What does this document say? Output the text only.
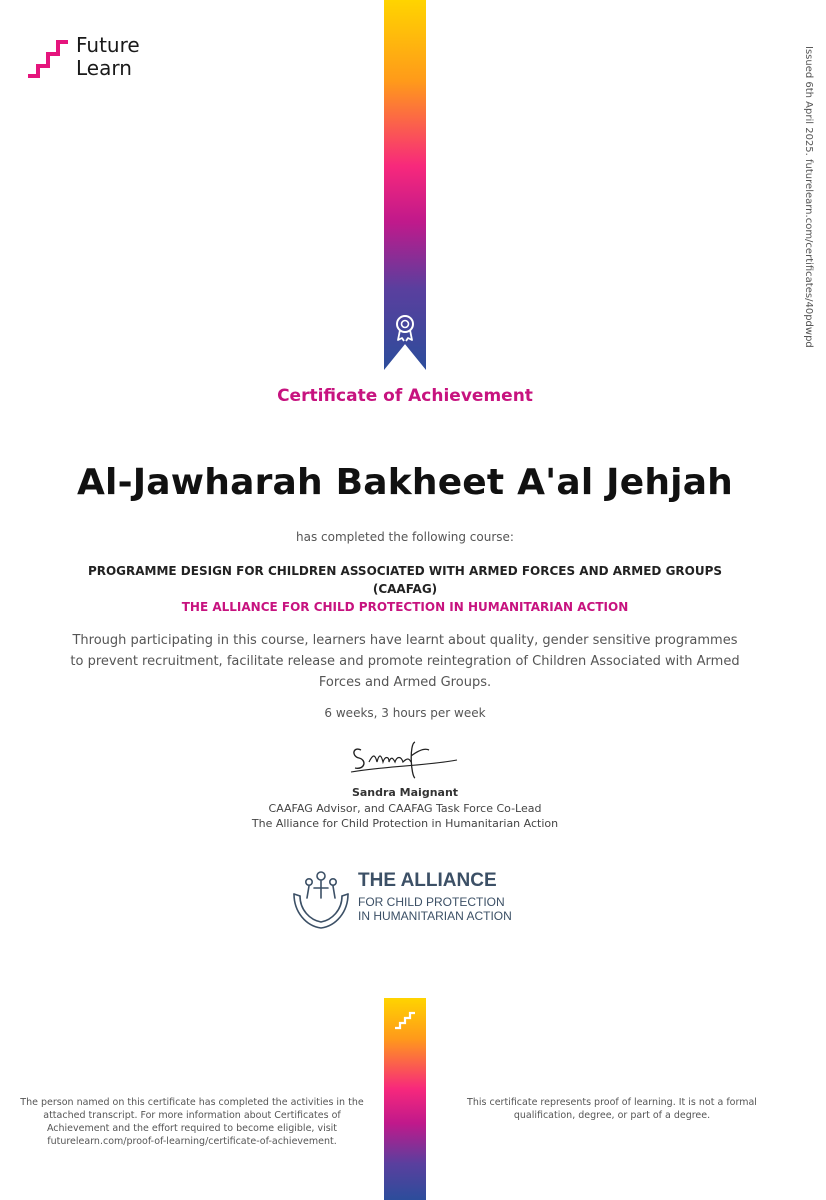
Future
Learn	Issued 6th April 2025. futurelearn.com/certificates/40pdwpd
Certificate of Achievement
Al-Jawharah Bakheet A'al Jehjah
has completed the following course:
PROGRAMME DESIGN FOR CHILDREN ASSOCIATED WITH ARMED FORCES AND ARMED GROUPS (CAAFAG)
THE ALLIANCE FOR CHILD PROTECTION IN HUMANITARIAN ACTION
Through participating in this course, learners have learnt about quality, gender sensitive programmes to prevent recruitment, facilitate release and promote reintegration of Children Associated with Armed Forces and Armed Groups.
6 weeks, 3 hours per week
Sandra Maignant
CAAFAG Advisor, and CAAFAG Task Force Co-Lead
The Alliance for Child Protection in Humanitarian Action
THE ALLIANCE
FOR CHILD PROTECTION
IN HUMANITARIAN ACTION
The person named on this certificate has completed the activities in the attached transcript. For more information about Certificates of Achievement and the effort required to become eligible, visit futurelearn.com/proof-of-learning/certificate-of-achievement.
This certificate represents proof of learning. It is not a formal qualification, degree, or part of a degree.
